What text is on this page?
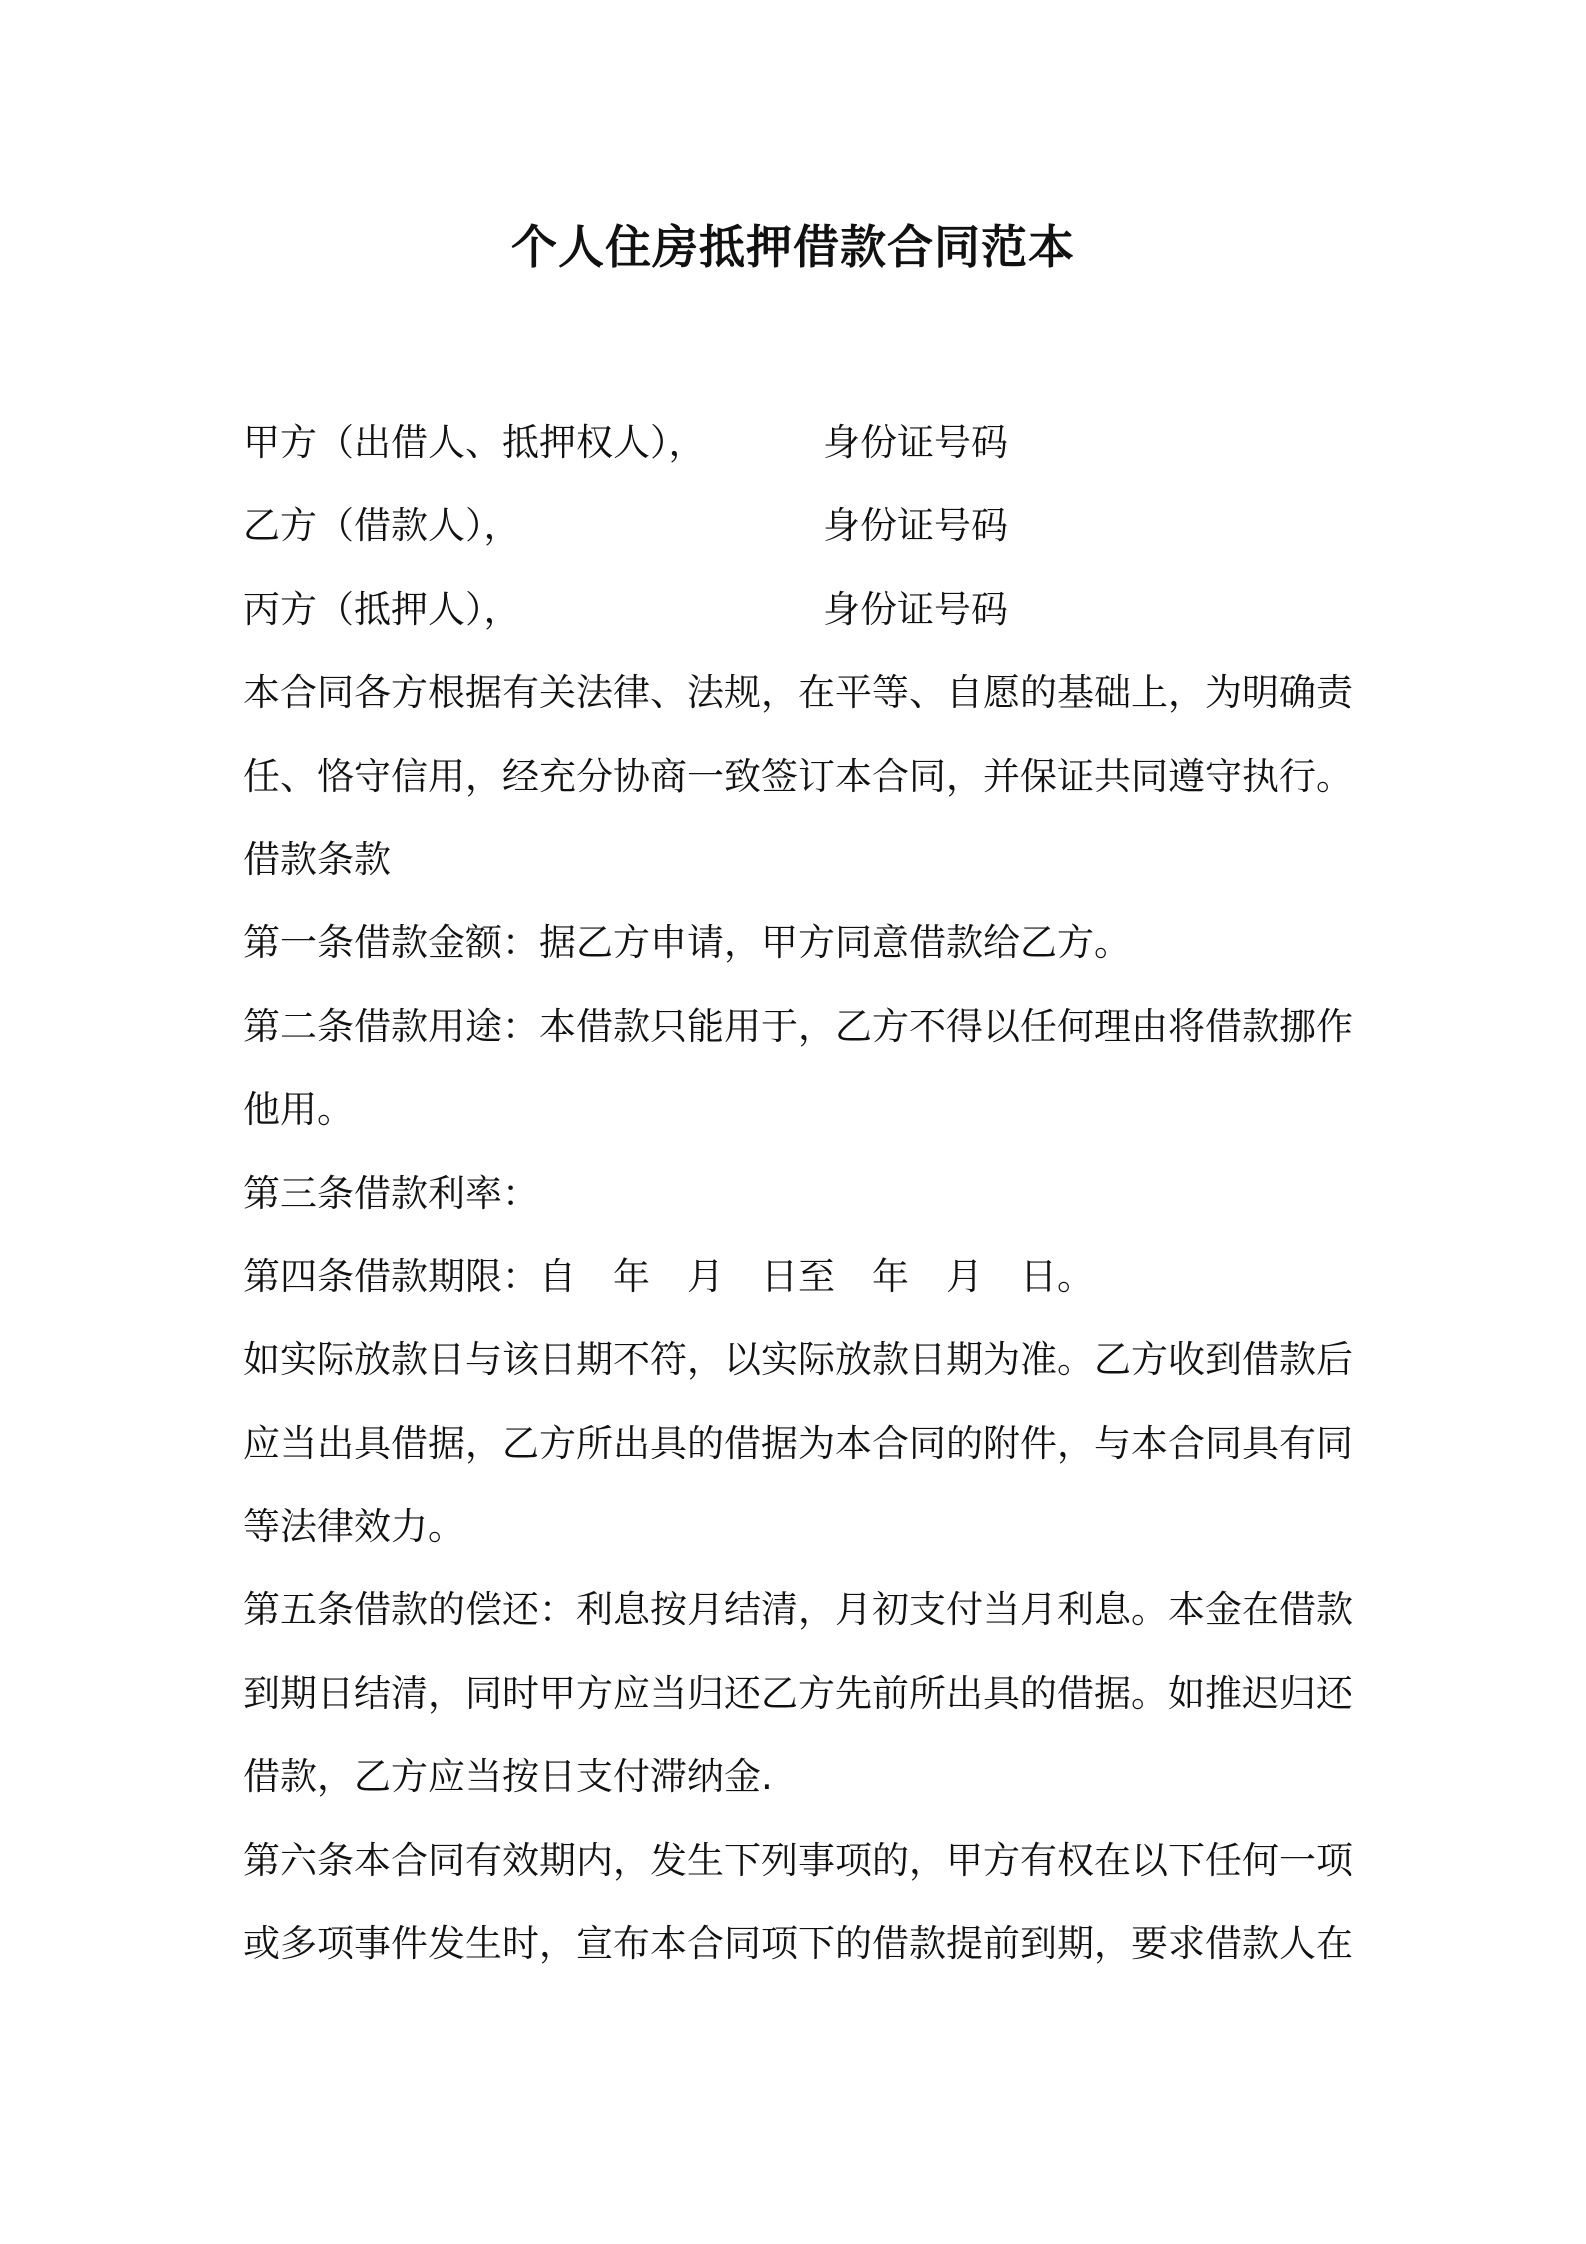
个人住房抵押借款合同范本
甲方（出借人、抵押权人），	身份证号码
乙方（借款人），	身份证号码
丙方（抵押人），	身份证号码
本合同各方根据有关法律、法规，在平等、自愿的基础上，为明确责
任、恪守信用，经充分协商一致签订本合同，并保证共同遵守执行。
借款条款
第一条借款金额：据乙方申请，甲方同意借款给乙方。
第二条借款用途：本借款只能用于，乙方不得以任何理由将借款挪作
他用。
第三条借款利率：
第四条借款期限：自　年　月　日至　年　月　日。
如实际放款日与该日期不符，以实际放款日期为准。乙方收到借款后
应当出具借据，乙方所出具的借据为本合同的附件，与本合同具有同
等法律效力。
第五条借款的偿还：利息按月结清，月初支付当月利息。本金在借款
到期日结清，同时甲方应当归还乙方先前所出具的借据。如推迟归还
借款，乙方应当按日支付滞纳金.
第六条本合同有效期内，发生下列事项的，甲方有权在以下任何一项
或多项事件发生时，宣布本合同项下的借款提前到期，要求借款人在
